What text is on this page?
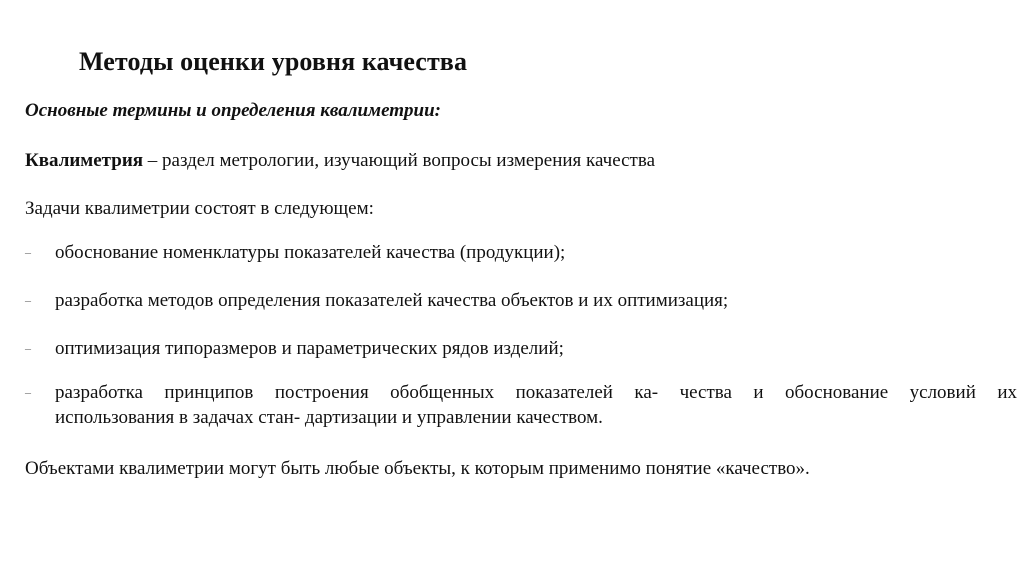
Методы оценки уровня качества
Основные термины и определения квалиметрии:
Квалиметрия – раздел метрологии, изучающий вопросы измерения качества
Задачи квалиметрии состоят в следующем:
– обоснование номенклатуры показателей качества (продукции);
– разработка методов определения показателей качества объектов и их оптимизация;
– оптимизация типоразмеров и параметрических рядов изделий;
– разработка принципов построения обобщенных показателей ка- чества и обоснование условий их
использования в задачах стан- дартизации и управлении качеством.
Объектами квалиметрии могут быть любые объекты, к которым применимо понятие «качество».
